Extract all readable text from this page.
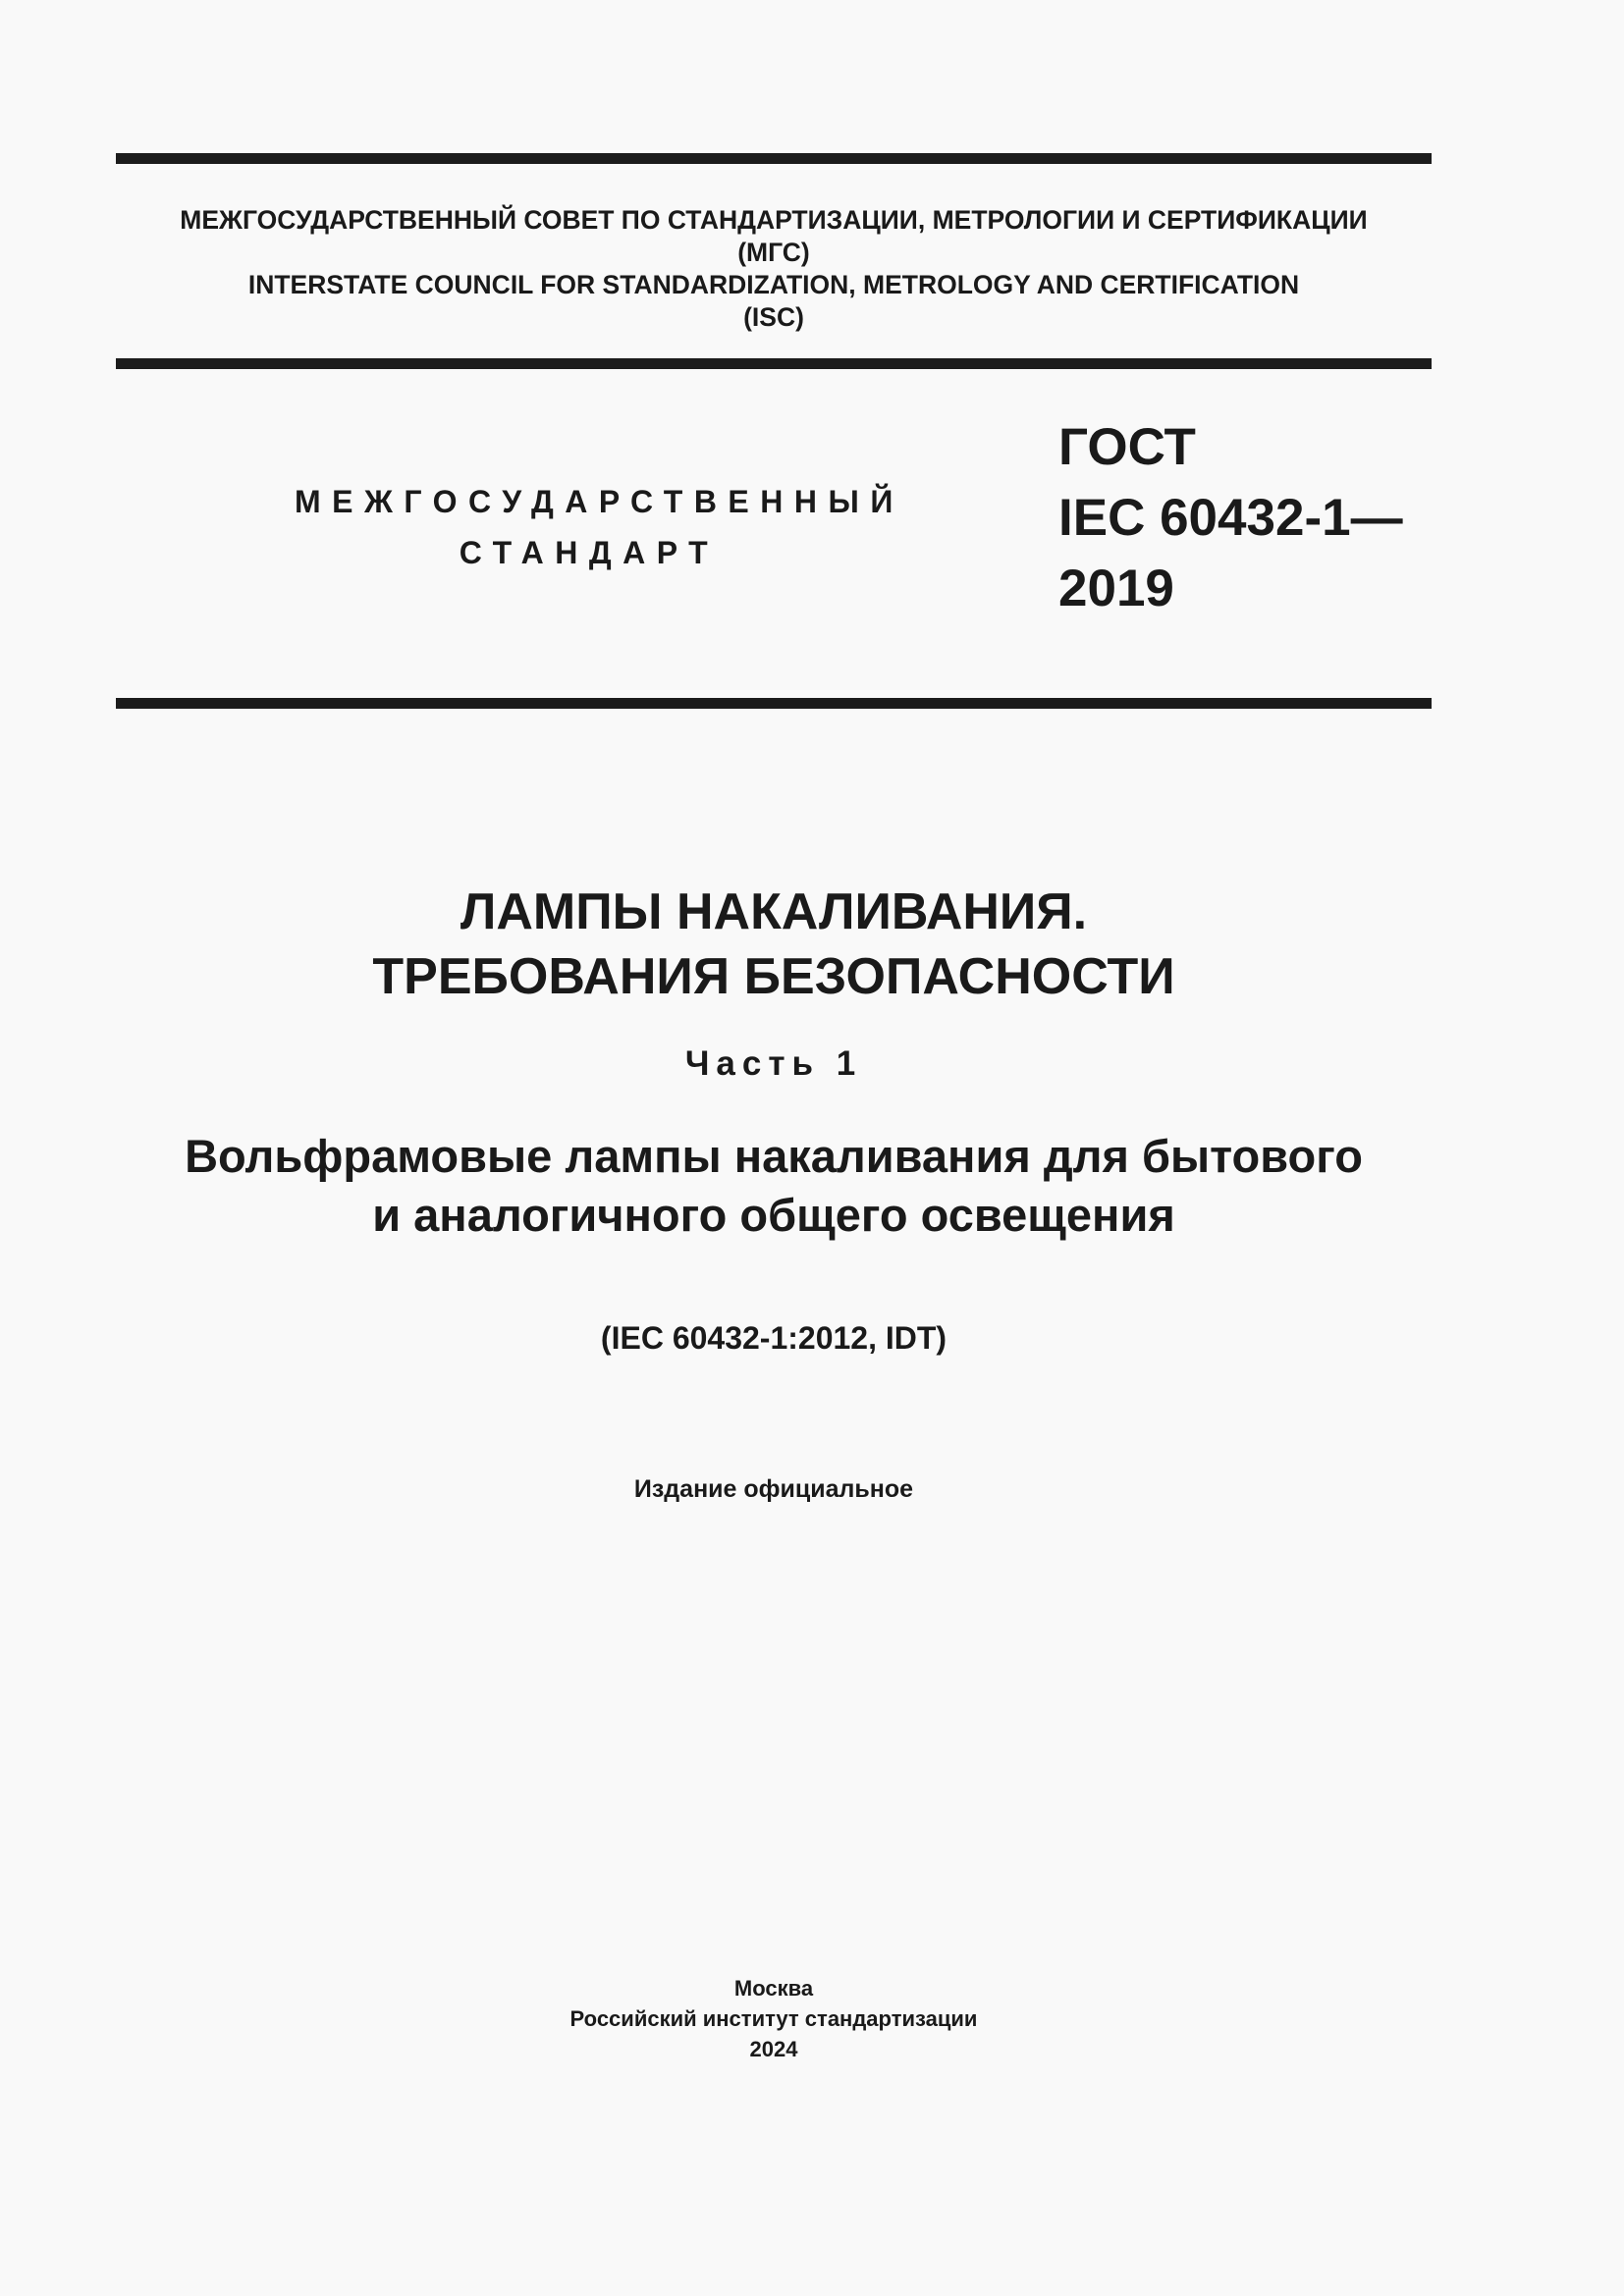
МЕЖГОСУДАРСТВЕННЫЙ СОВЕТ ПО СТАНДАРТИЗАЦИИ, МЕТРОЛОГИИ И СЕРТИФИКАЦИИ
(МГС)
INTERSTATE COUNCIL FOR STANDARDIZATION, METROLOGY AND CERTIFICATION
(ISC)
МЕЖГОСУДАРСТВЕННЫЙ
СТАНДАРТ
ГОСТ
IEC 60432-1—
2019
ЛАМПЫ НАКАЛИВАНИЯ.
ТРЕБОВАНИЯ БЕЗОПАСНОСТИ
Часть 1
Вольфрамовые лампы накаливания для бытового
и аналогичного общего освещения
(IEC 60432-1:2012, IDT)
Издание официальное
Москва
Российский институт стандартизации
2024
